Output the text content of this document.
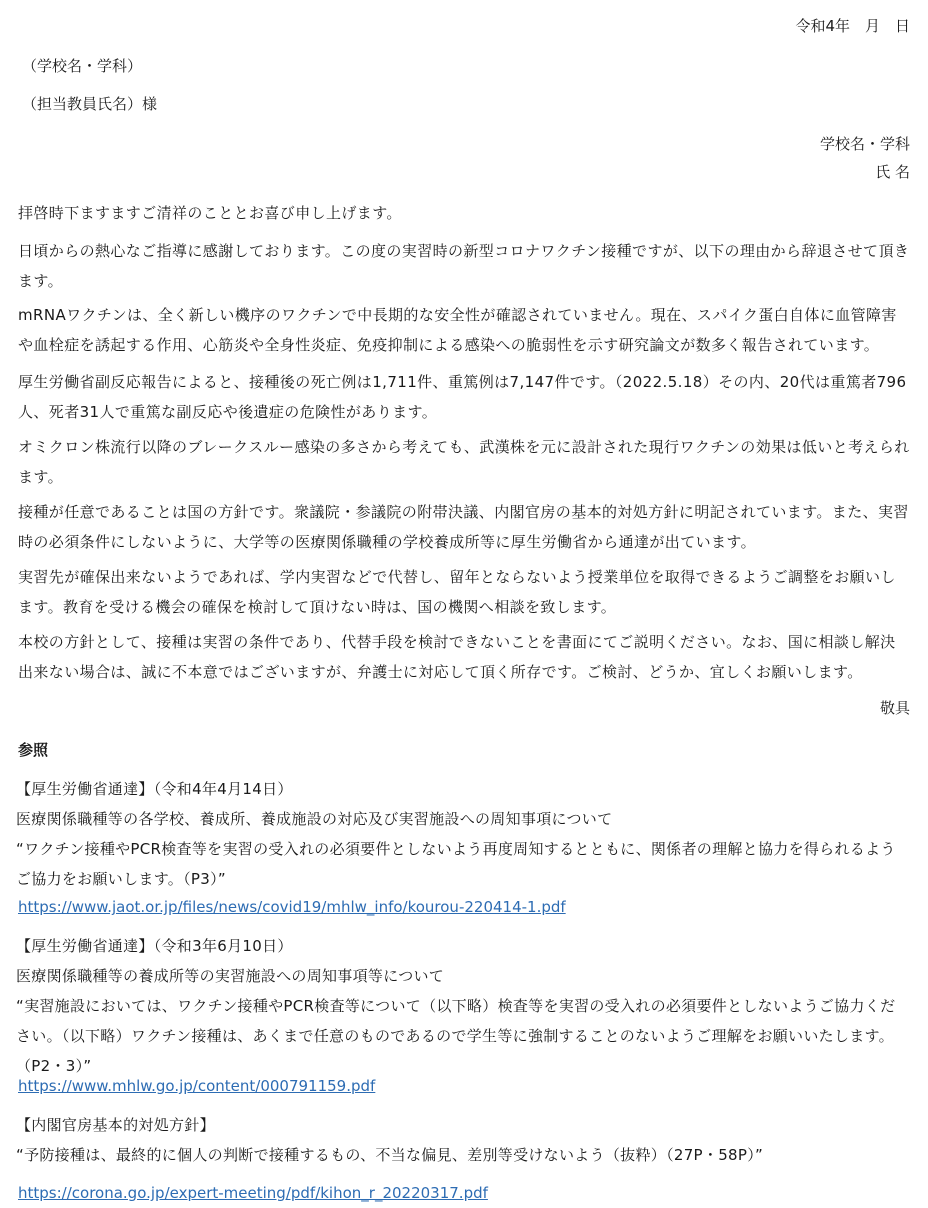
令和4年　月　日
（学校名・学科）
（担当教員氏名）様
学校名・学科
氏 名

拝啓時下ますますご清祥のこととお喜び申し上げます。

日頃からの熱心なご指導に感謝しております。この度の実習時の新型コロナワクチン接種ですが、以下の理由から辞退させて頂きます。

mRNAワクチンは、全く新しい機序のワクチンで中長期的な安全性が確認されていません。現在、スパイク蛋白自体に血管障害や血栓症を誘起する作用、心筋炎や全身性炎症、免疫抑制による感染への脆弱性を示す研究論文が数多く報告されています。

厚生労働省副反応報告によると、接種後の死亡例は1,711件、重篤例は7,147件です。（2022.5.18）その内、20代は重篤者796人、死者31人で重篤な副反応や後遺症の危険性があります。

オミクロン株流行以降のブレークスルー感染の多さから考えても、武漢株を元に設計された現行ワクチンの効果は低いと考えられます。

接種が任意であることは国の方針です。衆議院・参議院の附帯決議、内閣官房の基本的対処方針に明記されています。また、実習時の必須条件にしないように、大学等の医療関係職種の学校養成所等に厚生労働省から通達が出ています。

実習先が確保出来ないようであれば、学内実習などで代替し、留年とならないよう授業単位を取得できるようご調整をお願いします。教育を受ける機会の確保を検討して頂けない時は、国の機関へ相談を致します。

本校の方針として、接種は実習の条件であり、代替手段を検討できないことを書面にてご説明ください。なお、国に相談し解決出来ない場合は、誠に不本意ではございますが、弁護士に対応して頂く所存です。ご検討、どうか、宜しくお願いします。

敬具
参照
【厚生労働省通達】（令和4年4月14日）
医療関係職種等の各学校、養成所、養成施設の対応及び実習施設への周知事項について
“ワクチン接種やPCR検査等を実習の受入れの必須要件としないよう再度周知するとともに、関係者の理解と協力を得られるようご協力をお願いします。（P3）”
https://www.jaot.or.jp/files/news/covid19/mhlw_info/kourou-220414-1.pdf
【厚生労働省通達】（令和3年6月10日）
医療関係職種等の養成所等の実習施設への周知事項等について
“実習施設においては、ワクチン接種やPCR検査等について（以下略）検査等を実習の受入れの必須要件としないようご協力ください。（以下略）ワクチン接種は、あくまで任意のものであるので学生等に強制することのないようご理解をお願いいたします。（P2・3）”
https://www.mhlw.go.jp/content/000791159.pdf
【内閣官房基本的対処方針】
“予防接種は、最終的に個人の判断で接種するもの、不当な偏見、差別等受けないよう（抜粋）（27P・58P）”
https://corona.go.jp/expert-meeting/pdf/kihon_r_20220317.pdf
